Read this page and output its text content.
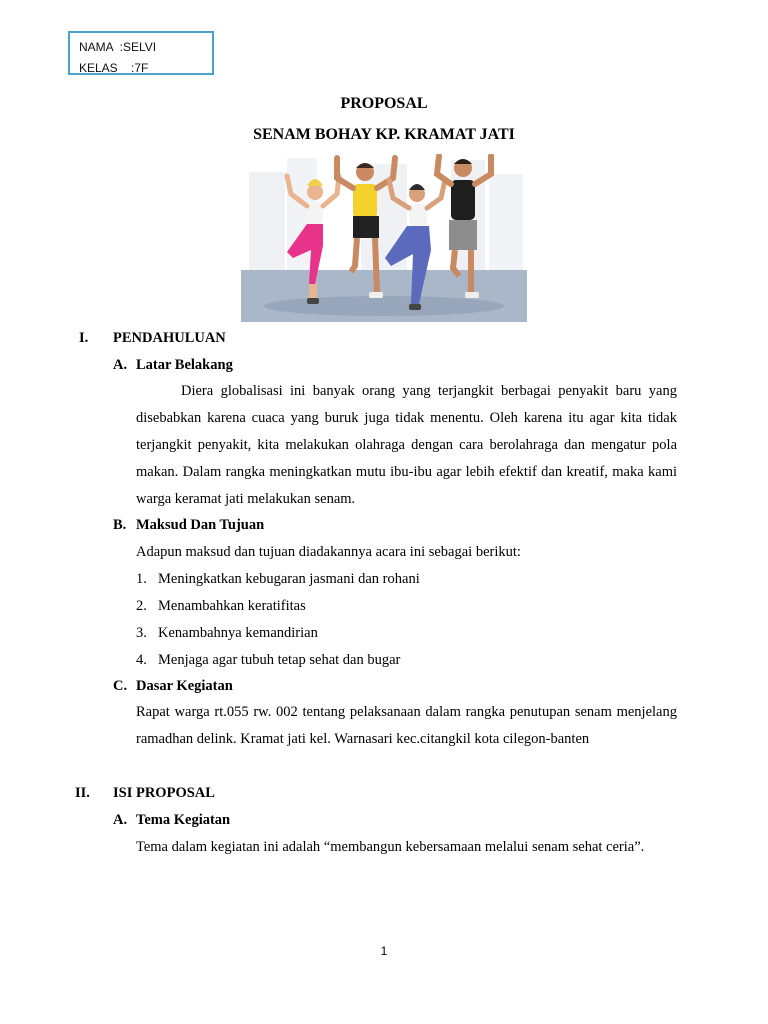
NAMA  :SELVI
KELAS    :7F
PROPOSAL
SENAM BOHAY KP. KRAMAT JATI
I. PENDAHULUAN
A. Latar Belakang
Diera globalisasi ini banyak orang yang terjangkit berbagai penyakit baru yang disebabkan karena cuaca yang buruk juga tidak menentu. Oleh karena itu agar kita tidak terjangkit penyakit, kita melakukan olahraga dengan cara berolahraga dan mengatur pola makan. Dalam rangka meningkatkan mutu ibu-ibu agar lebih efektif dan kreatif, maka kami warga keramat jati melakukan senam.
B. Maksud Dan Tujuan
Adapun maksud dan tujuan diadakannya acara ini sebagai berikut:
1. Meningkatkan kebugaran jasmani dan rohani
2. Menambahkan keratifitas
3. Kenambahnya kemandirian
4. Menjaga agar tubuh tetap sehat dan bugar
C. Dasar Kegiatan
Rapat warga rt.055 rw. 002 tentang pelaksanaan dalam rangka penutupan senam menjelang ramadhan delink. Kramat jati kel. Warnasari kec.citangkil kota cilegon-banten
II. ISI PROPOSAL
A. Tema Kegiatan
Tema dalam kegiatan ini adalah “membangun kebersamaan melalui senam sehat ceria”.
1
